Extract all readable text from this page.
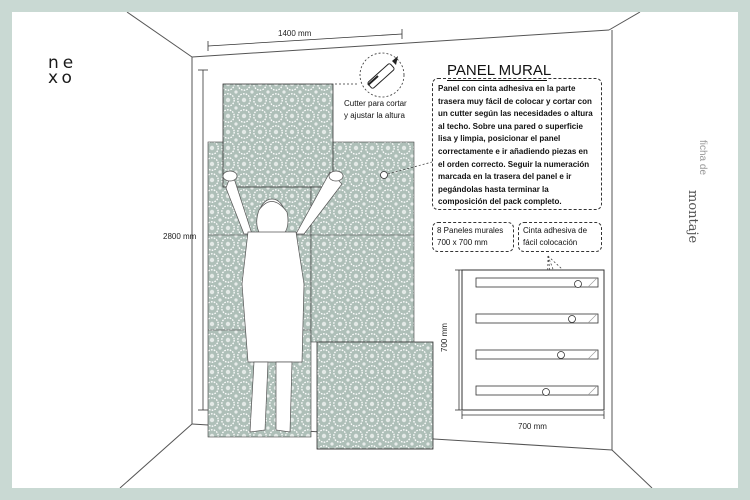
ne
xo
1400 mm
2800 mm
Cutter para cortar
y ajustar la altura
PANEL MURAL
Panel con cinta adhesiva en la parte trasera muy fácil de colocar y cortar con un cutter según las necesidades o altura al techo. Sobre una pared o superficie lisa y limpia, posicionar el panel correctamente e ir añadiendo piezas en el orden correcto. Seguir la numeración marcada en la trasera del panel e ir pegándolas hasta terminar la composición del pack completo.
8 Paneles murales
700 x 700 mm
Cinta adhesiva de
fácil colocación
700 mm
700 mm
ficha de
montaje
